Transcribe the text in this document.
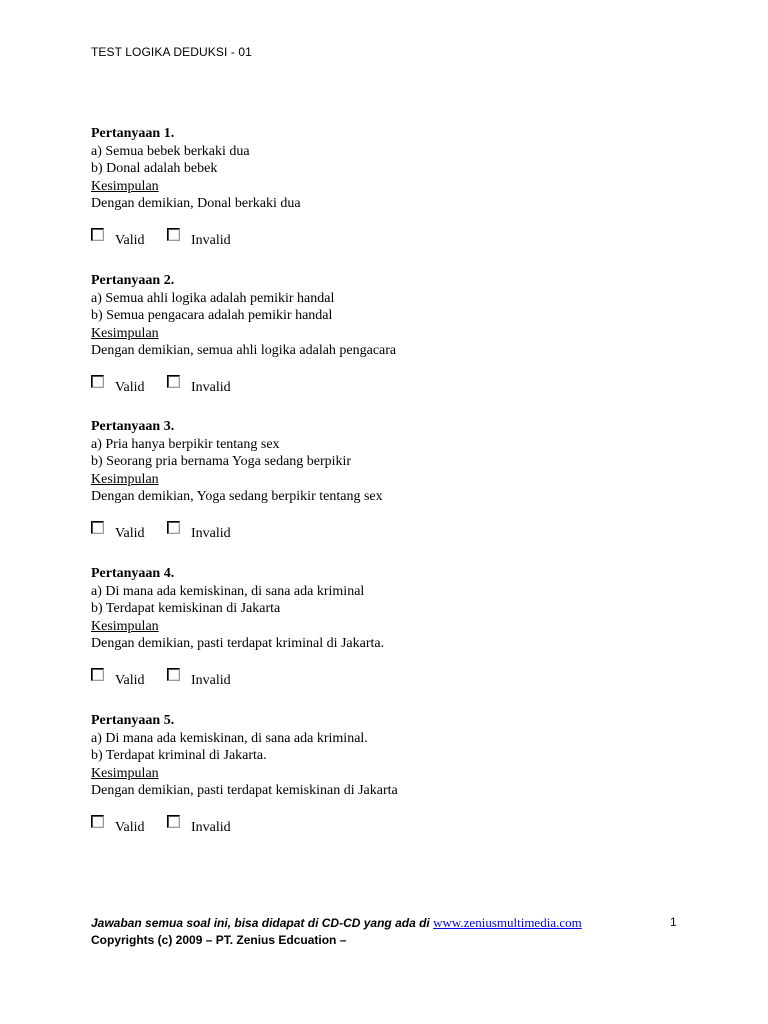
TEST LOGIKA DEDUKSI - 01
Pertanyaan 1.
a) Semua bebek berkaki dua
b) Donal adalah bebek
Kesimpulan
Dengan demikian, Donal berkaki dua
Valid	Invalid
Pertanyaan 2.
a) Semua ahli logika adalah pemikir handal
b) Semua pengacara adalah pemikir handal
Kesimpulan
Dengan demikian, semua ahli logika adalah pengacara
Valid	Invalid
Pertanyaan 3.
a) Pria hanya berpikir tentang sex
b) Seorang pria bernama Yoga sedang berpikir
Kesimpulan
Dengan demikian, Yoga sedang berpikir tentang sex
Valid	Invalid
Pertanyaan 4.
a) Di mana ada kemiskinan, di sana ada kriminal
b) Terdapat kemiskinan di Jakarta
Kesimpulan
Dengan demikian, pasti terdapat kriminal di Jakarta.
Valid	Invalid
Pertanyaan 5.
a) Di mana ada kemiskinan, di sana ada kriminal.
b) Terdapat kriminal di Jakarta.
Kesimpulan
Dengan demikian, pasti terdapat kemiskinan di Jakarta
Valid	Invalid
Jawaban semua soal ini, bisa didapat di CD-CD yang ada di www.zeniusmultimedia.com
Copyrights (c) 2009 – PT. Zenius Edcuation –
1
